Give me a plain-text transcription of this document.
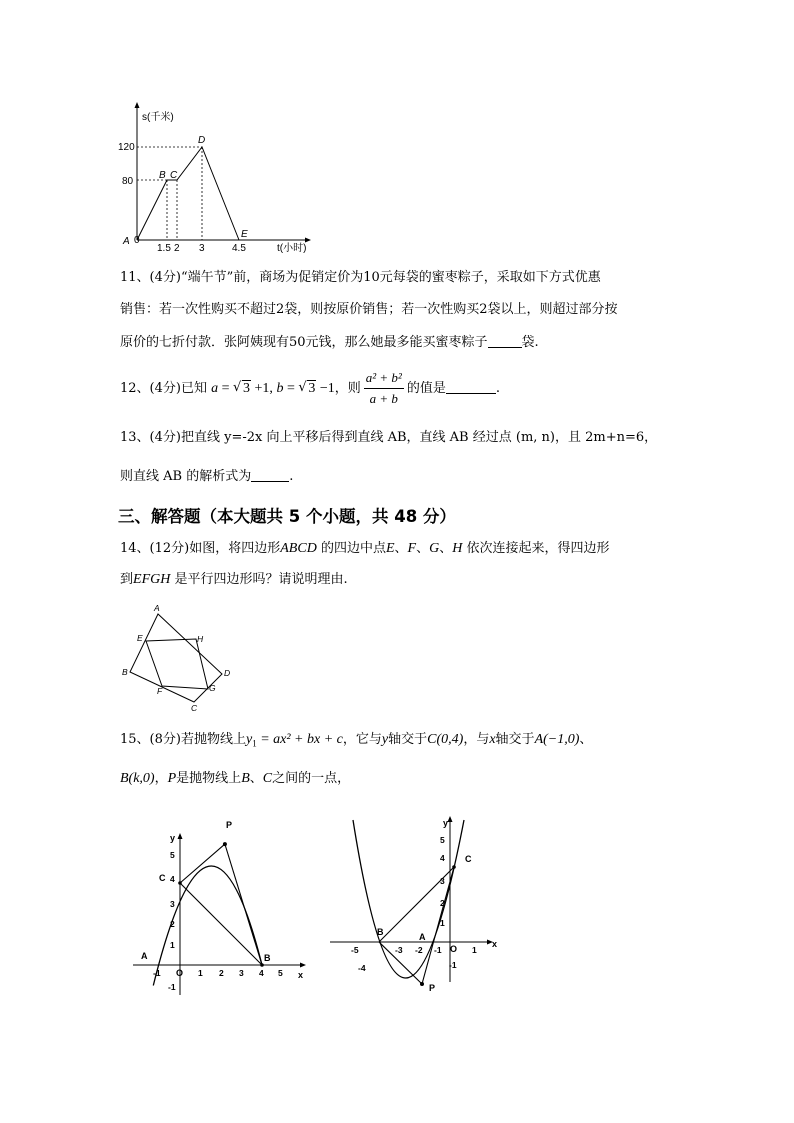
s(千米)
t(小时)
120
80
1.5 2 3	4.5
0
A
B C
D
E
11、(4分)“端午节”前，商场为促销定价为10元每袋的蜜枣粽子，采取如下方式优惠
销售：若一次性购买不超过2袋，则按原价销售；若一次性购买2袋以上，则超过部分按
原价的七折付款．张阿姨现有50元钱，那么她最多能买蜜枣粽子	袋.
12、(4分)已知 a = √ 3 +1, b = √ 3 −1，则 $\frac{\text{a² + b²}}{a + b}$ 的值是	.
13、(4分)把直线 y=-2x 向上平移后得到直线 AB，直线 AB 经过点 (m, n)，且 2m+n=6，
则直线 AB 的解析式为	.
三、解答题（本大题共 5 个小题，共 48 分）
14、(12分)如图，将四边形ABCD 的四边中点E、F、G、H 依次连接起来，得四边形
到EFGH 是平行四边形吗？请说明理由.
A
E	H
B	D
F	G
C
15、(8分)若抛物线上$y_1 = ax^2$ + bx + c，它与y轴交于C(0,4)，与x轴交于A(−1,0)、
B(k,0)，P是抛物线上B、C之间的一点，
x
y
O
-1	1 2 3 4 5
1
2
3
4
5
-1
P
C
A	B
x
y
O
-5	-3 -2 -1	1
-4
5
4
3
2
1
-1
C
B	A
P
